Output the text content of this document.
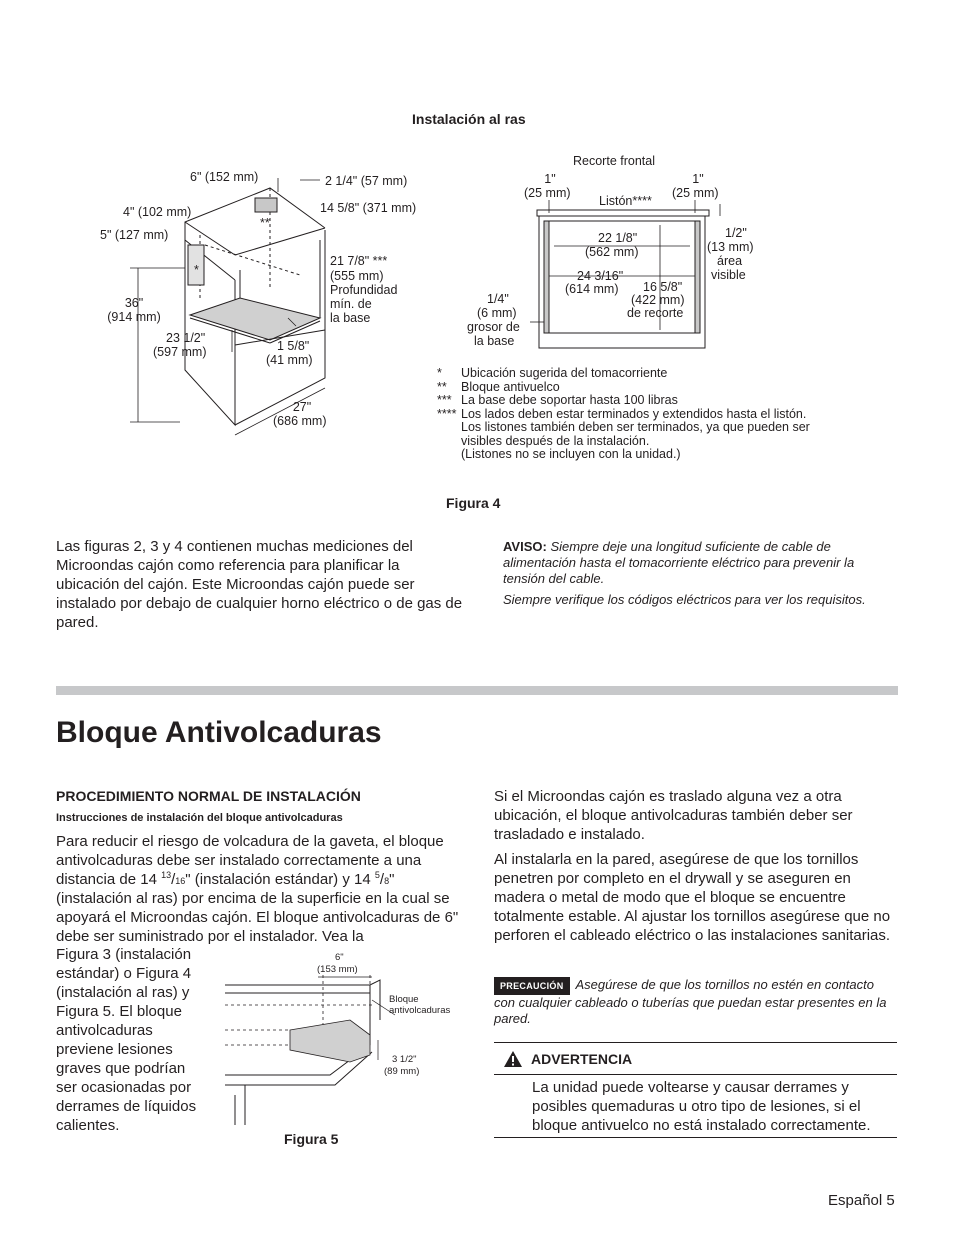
Instalación al ras
6" (152 mm)	2 1/4" (57 mm)
4" (102 mm)	14 5/8" (371 mm)
5" (127 mm)
**
*
36"
(914 mm)
21 7/8" ***
(555 mm)
Profundidad
mín. de
la base
23 1/2"
(597 mm)	1 5/8"
(41 mm)
27"
(686 mm)
Recorte frontal
1"
(25 mm)
1"
(25 mm)
Listón****
22 1/8"
(562 mm)
24 3/16"
(614 mm) 16 5/8"
(422 mm)
de recorte
1/2"
(13 mm)
área
visible
1/4"
(6 mm)
grosor de
la base
*	Ubicación sugerida del tomacorriente
**	Bloque antivuelco
*** La base debe soportar hasta 100 libras
**** Los lados deben estar terminados y extendidos hasta el listón.
Los listones también deben ser terminados, ya que pueden ser
visibles después de la instalación.
(Listones no se incluyen con la unidad.)
Figura 4
Las figuras 2, 3 y 4 contienen muchas mediciones del Microondas cajón como referencia para planificar la ubicación del cajón. Este Microondas cajón puede ser instalado por debajo de cualquier horno eléctrico o de gas de pared.
AVISO: Siempre deje una longitud suficiente de cable de alimentación hasta el tomacorriente eléctrico para prevenir la tensión del cable.
Siempre verifique los códigos eléctricos para ver los requisitos.
Bloque Antivolcaduras
PROCEDIMIENTO NORMAL DE INSTALACIÓN
Instrucciones de instalación del bloque antivolcaduras
Para reducir el riesgo de volcadura de la gaveta, el bloque antivolcaduras debe ser instalado correctamente a una distancia de 14 $^{13}$/16" (instalación estándar) y 14 $^5$/8" (instalación al ras) por encima de la superficie en la cual se apoyará el Microondas cajón. El bloque antivolcaduras de 6" debe ser suministrado por el instalador. Vea la
Figura 3 (instalación
estándar) o Figura 4
(instalación al ras) y
Figura 5. El bloque
antivolcaduras
previene lesiones
graves que podrían
ser ocasionadas por
derrames de líquidos
calientes.
6"
(153 mm)
Bloque
antivolcaduras
3 1/2"
(89 mm)
Figura 5
Si el Microondas cajón es traslado alguna vez a otra ubicación, el bloque antivolcaduras también deber ser trasladado e instalado.
Al instalarla en la pared, asegúrese de que los tornillos penetren por completo en el drywall y se aseguren en madera o metal de modo que el bloque se encuentre totalmente estable. Al ajustar los tornillos asegúrese que no perforen el cableado eléctrico o las instalaciones sanitarias.
PRECAUCIÓN Asegúrese de que los tornillos no estén en contacto con cualquier cableado o tuberías que puedan estar presentes en la pared.
ADVERTENCIA
La unidad puede voltearse y causar derrames y posibles quemaduras u otro tipo de lesiones, si el bloque antivuelco no está instalado correctamente.
Español 5
